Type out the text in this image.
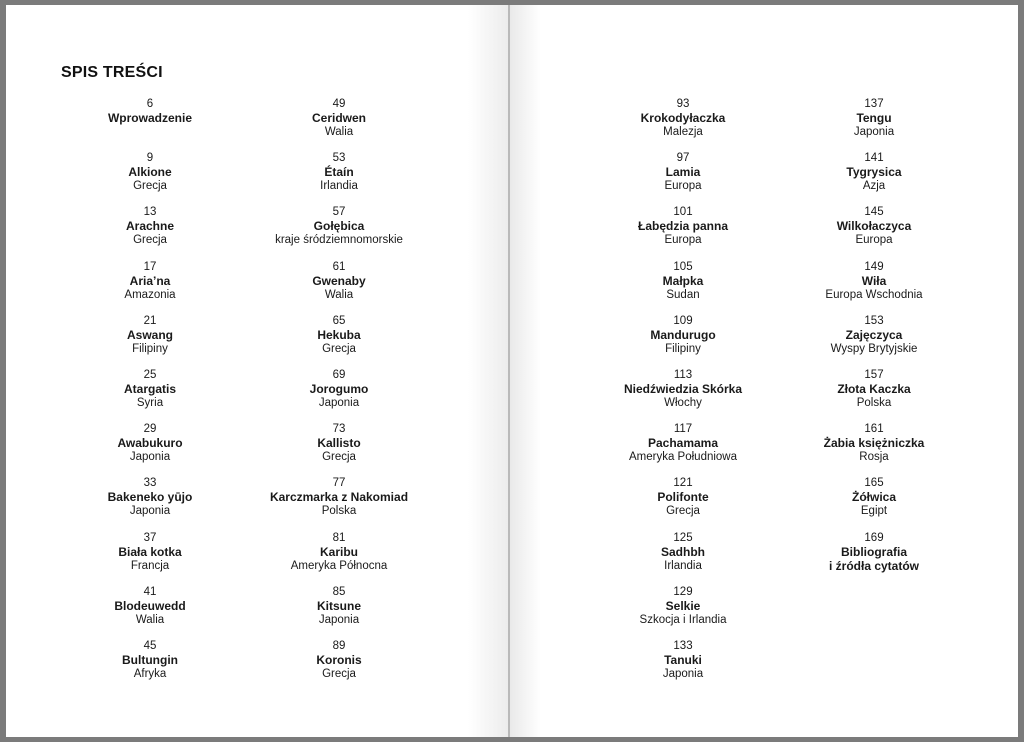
SPIS TREŚCI
6
Wprowadzenie
9
Alkione
Grecja
13
Arachne
Grecja
17
Aria’na
Amazonia
21
Aswang
Filipiny
25
Atargatis
Syria
29
Awabukuro
Japonia
33
Bakeneko yūjo
Japonia
37
Biała kotka
Francja
41
Blodeuwedd
Walia
45
Bultungin
Afryka
49
Ceridwen
Walia
53
Étaín
Irlandia
57
Gołębica
kraje śródziemnomorskie
61
Gwenaby
Walia
65
Hekuba
Grecja
69
Jorogumo
Japonia
73
Kallisto
Grecja
77
Karczmarka z Nakomiad
Polska
81
Karibu
Ameryka Północna
85
Kitsune
Japonia
89
Koronis
Grecja
93
Krokodyłaczka
Malezja
97
Lamia
Europa
101
Łabędzia panna
Europa
105
Małpka
Sudan
109
Mandurugo
Filipiny
113
Niedźwiedzia Skórka
Włochy
117
Pachamama
Ameryka Południowa
121
Polifonte
Grecja
125
Sadhbh
Irlandia
129
Selkie
Szkocja i Irlandia
133
Tanuki
Japonia
137
Tengu
Japonia
141
Tygrysica
Azja
145
Wilkołaczyca
Europa
149
Wiła
Europa Wschodnia
153
Zajęczyca
Wyspy Brytyjskie
157
Złota Kaczka
Polska
161
Żabia księżniczka
Rosja
165
Żółwica
Egipt
169
Bibliografia
i źródła cytatów
